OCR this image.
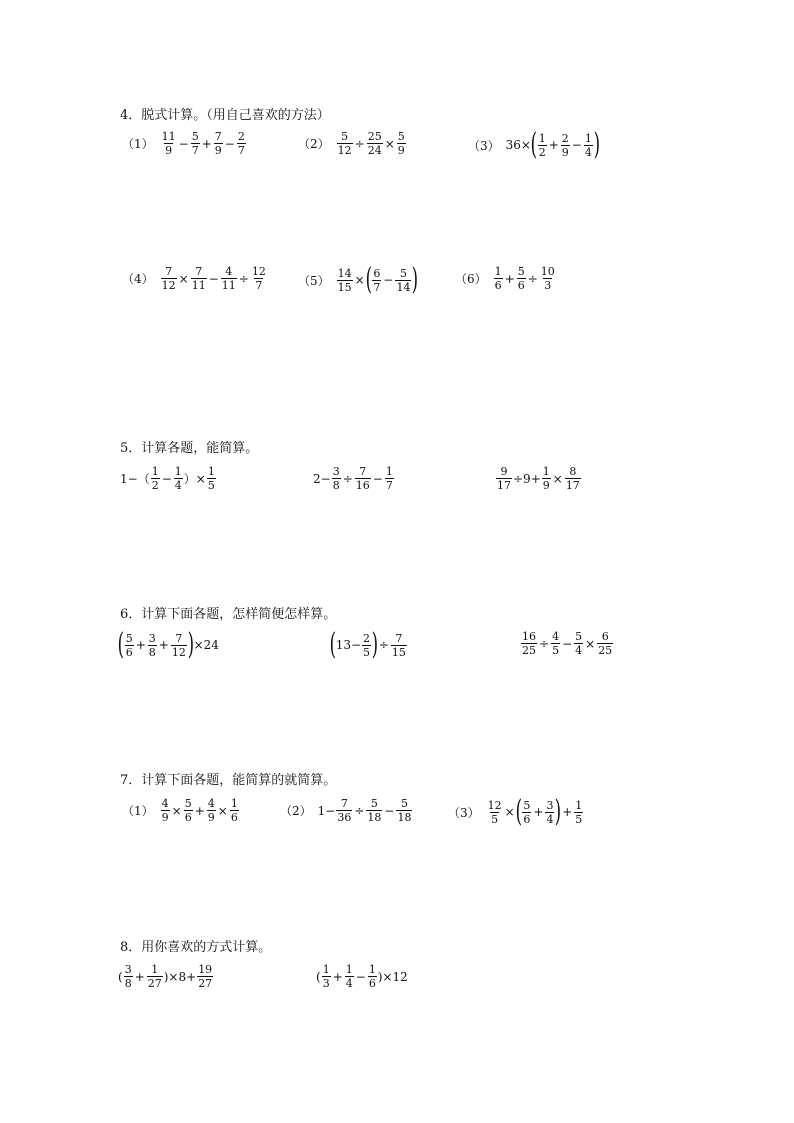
4．脱式计算。（用自己喜欢的方法）
$(1) \frac{11}{9} - \frac{5}{7} + \frac{7}{9} - \frac{2}{7}$	$(2) \frac{5}{12} \div \frac{25}{24} \times \frac{5}{9}$	（3） 36× ( $\frac{1}{2} + \frac{2}{9} - \frac{1}{4}$ )
$(4) \frac{7}{12} \times \frac{7}{11} - \frac{4}{11} \div \frac{12}{7}$	$(5) \frac{14}{15}$ × ( $\frac{6}{7} - \frac{5}{14}$ )	$(6) \frac{1}{6} + \frac{5}{6} \div \frac{10}{3}$
5．计算各题，能简算。
$1-( \frac{1}{2} - \frac{1}{4}$ ）× $\frac{1}{5}$	$2- \frac{3}{8} \div \frac{7}{16} - \frac{1}{7}$	$\frac{9}{17} \div 9+ \frac{1}{9} \times \frac{8}{17}$
6．计算下面各题，怎样简便怎样算。
( $\frac{5}{6} + \frac{3}{8} + \frac{7}{12}$ ) ×24	( $13- \frac{2}{5}$ ) ÷ $\frac{7}{15}$	$\frac{16}{25} \div \frac{4}{5} - \frac{5}{4} \times \frac{6}{25}$
7．计算下面各题，能简算的就简算。
$(1) \frac{4}{9} \times \frac{5}{6} + \frac{4}{9} \times \frac{1}{6}$	（2） $1- \frac{7}{36} \div \frac{5}{18} - \frac{5}{18}$	$(3) \frac{12}{5}$ × ( $\frac{5}{6} + \frac{3}{4}$ ) + $\frac{1}{5}$
8．用你喜欢的方式计算。
( $\frac{3}{8} + \frac{1}{27} )\times 8+ \frac{19}{27}$	( $\frac{1}{3} + \frac{1}{4} - \frac{1}{6} )\times 12$
